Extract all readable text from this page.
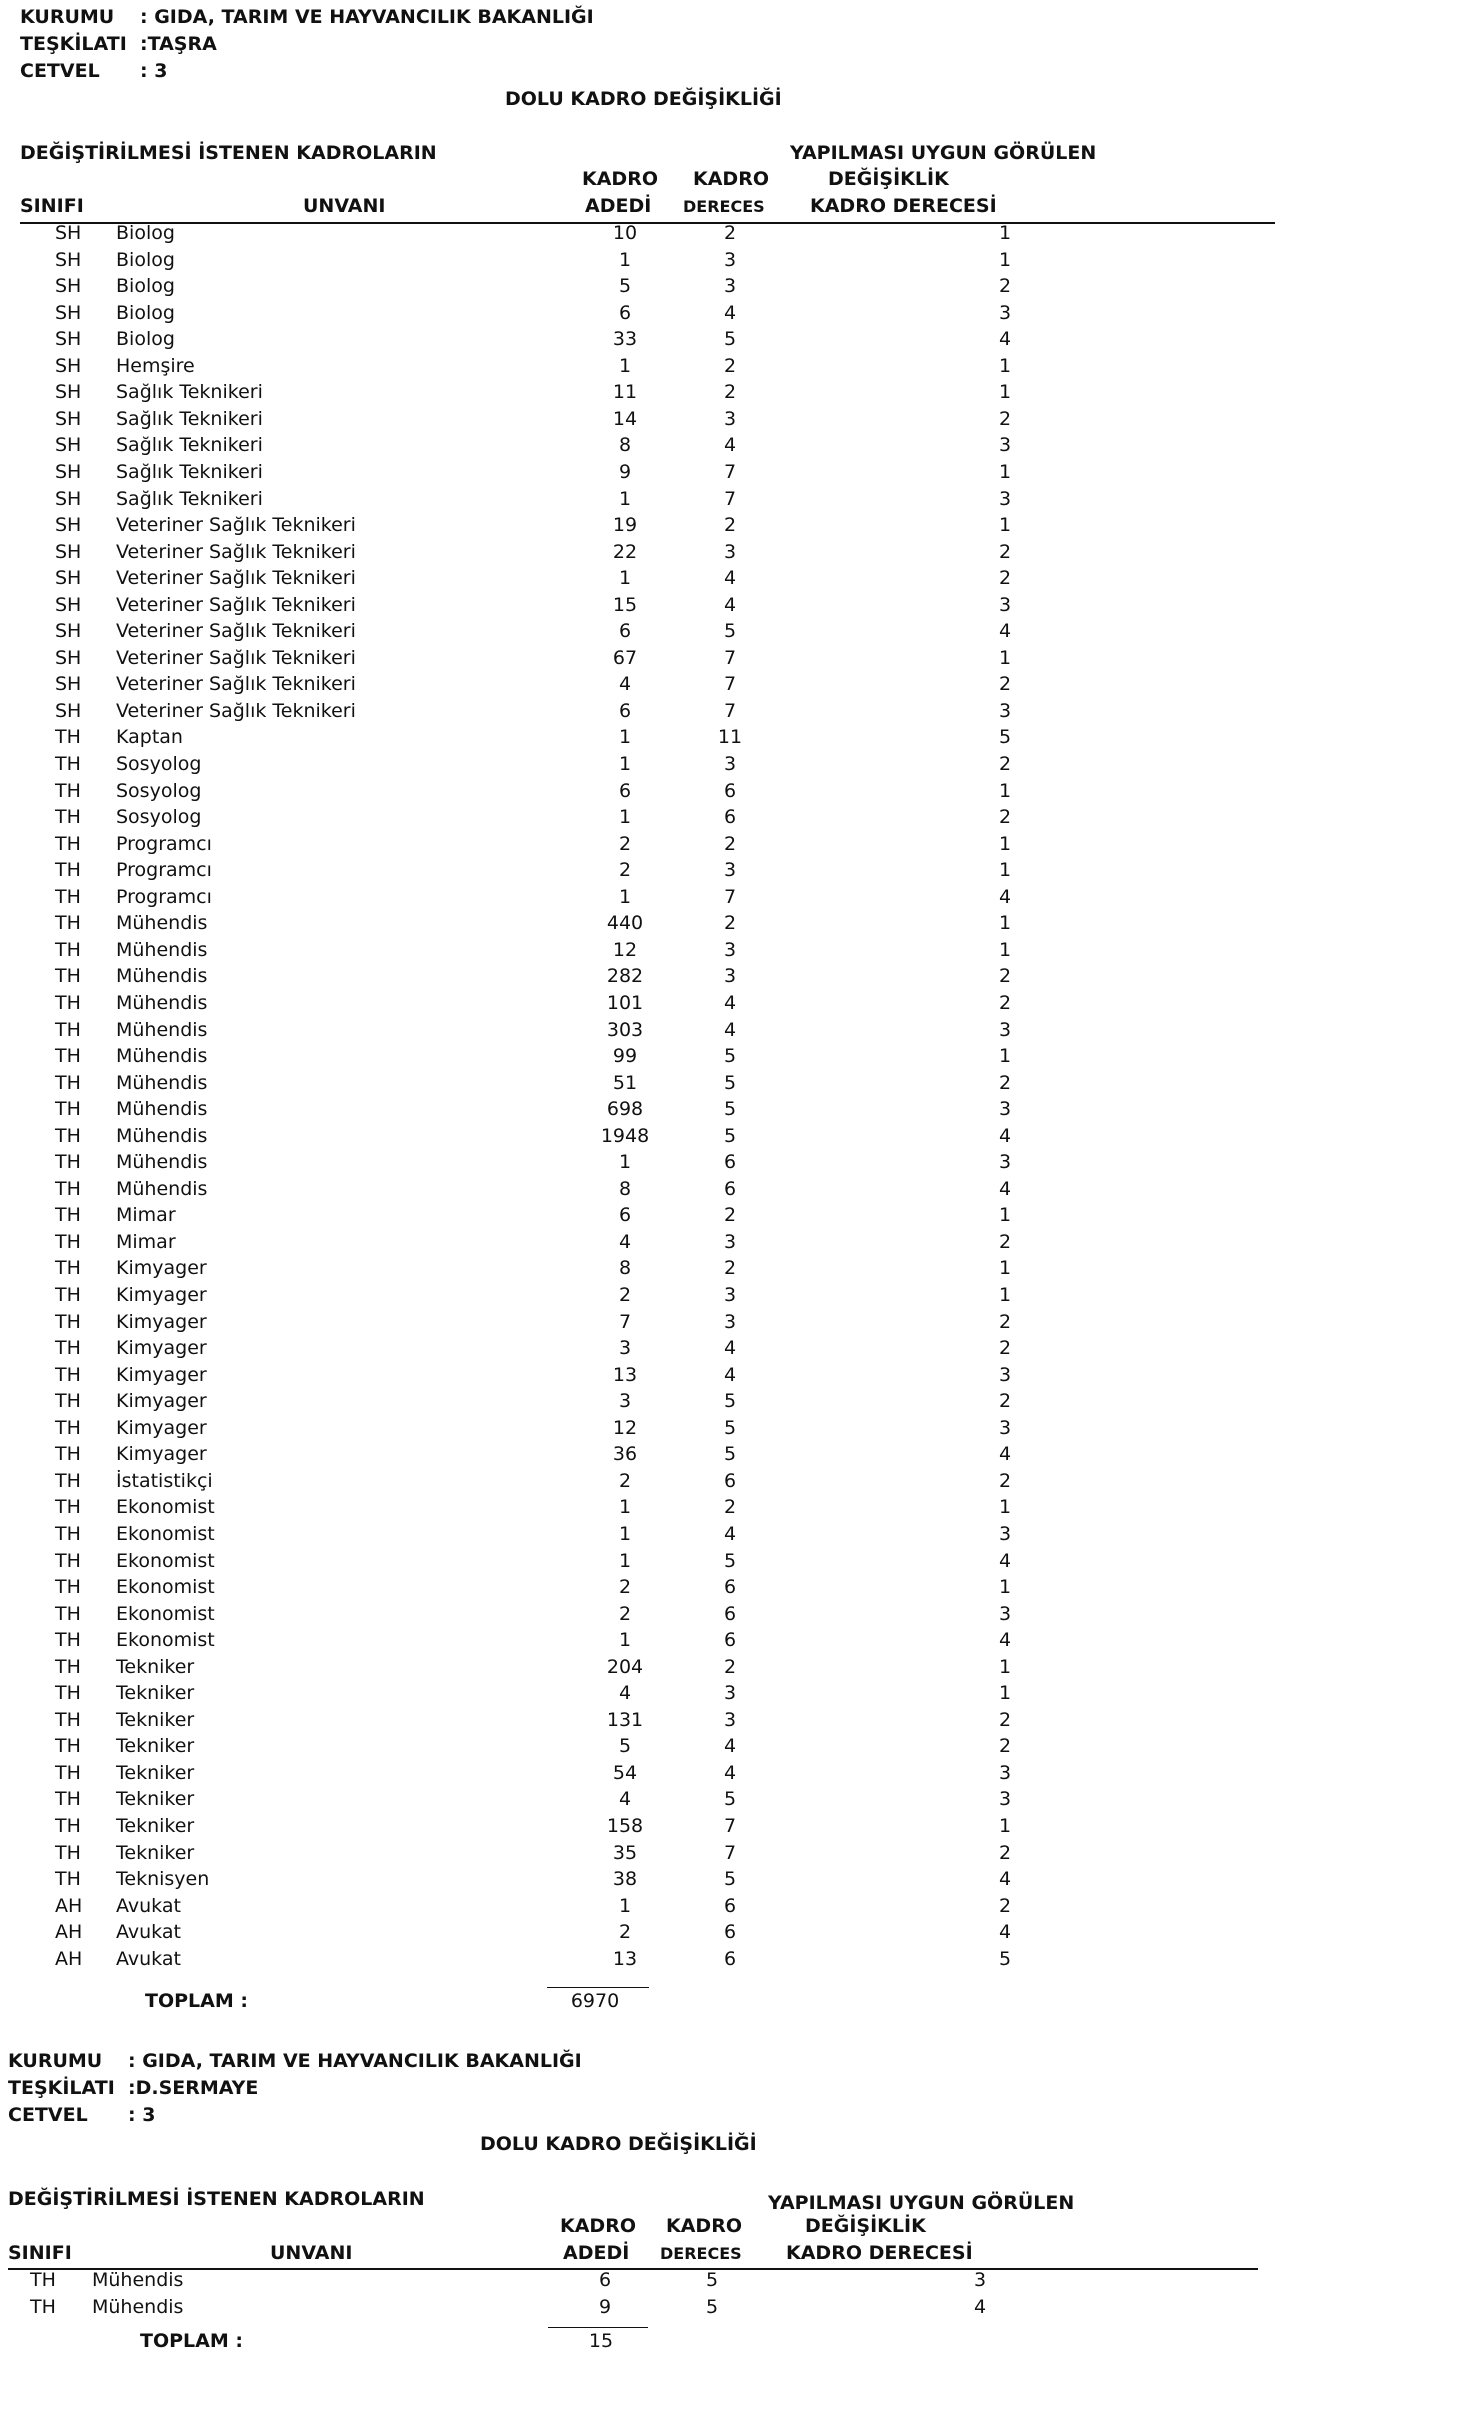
KURUMU : GIDA, TARIM VE HAYVANCILIK BAKANLIĞI
TEŞKİLATI :TAŞRA
CETVEL : 3
DOLU KADRO DEĞİŞİKLİĞİ
DEĞİŞTİRİLMESİ İSTENEN KADROLARIN	YAPILMASI UYGUN GÖRÜLEN
KADRO KADRO	DEĞİŞİKLİK
SINIFI	UNVANI	ADEDİ DERECES KADRO DERECESİ
SH Biolog	10	2	1
SH Biolog	1	3	1
SH Biolog	5	3	2
SH Biolog	6	4	3
SH Biolog	33	5	4
SH Hemşire	1	2	1
SH Sağlık Teknikeri	11	2	1
SH Sağlık Teknikeri	14	3	2
SH Sağlık Teknikeri	8	4	3
SH Sağlık Teknikeri	9	7	1
SH Sağlık Teknikeri	1	7	3
SH Veteriner Sağlık Teknikeri	19	2	1
SH Veteriner Sağlık Teknikeri	22	3	2
SH Veteriner Sağlık Teknikeri	1	4	2
SH Veteriner Sağlık Teknikeri	15	4	3
SH Veteriner Sağlık Teknikeri	6	5	4
SH Veteriner Sağlık Teknikeri	67	7	1
SH Veteriner Sağlık Teknikeri	4	7	2
SH Veteriner Sağlık Teknikeri	6	7	3
TH Kaptan	1	11	5
TH Sosyolog	1	3	2
TH Sosyolog	6	6	1
TH Sosyolog	1	6	2
TH Programcı	2	2	1
TH Programcı	2	3	1
TH Programcı	1	7	4
TH Mühendis	440	2	1
TH Mühendis	12	3	1
TH Mühendis	282	3	2
TH Mühendis	101	4	2
TH Mühendis	303	4	3
TH Mühendis	99	5	1
TH Mühendis	51	5	2
TH Mühendis	698	5	3
TH Mühendis	1948	5	4
TH Mühendis	1	6	3
TH Mühendis	8	6	4
TH Mimar	6	2	1
TH Mimar	4	3	2
TH Kimyager	8	2	1
TH Kimyager	2	3	1
TH Kimyager	7	3	2
TH Kimyager	3	4	2
TH Kimyager	13	4	3
TH Kimyager	3	5	2
TH Kimyager	12	5	3
TH Kimyager	36	5	4
TH İstatistikçi	2	6	2
TH Ekonomist	1	2	1
TH Ekonomist	1	4	3
TH Ekonomist	1	5	4
TH Ekonomist	2	6	1
TH Ekonomist	2	6	3
TH Ekonomist	1	6	4
TH Tekniker	204	2	1
TH Tekniker	4	3	1
TH Tekniker	131	3	2
TH Tekniker	5	4	2
TH Tekniker	54	4	3
TH Tekniker	4	5	3
TH Tekniker	158	7	1
TH Tekniker	35	7	2
TH Teknisyen	38	5	4
AH Avukat	1	6	2
AH Avukat	2	6	4
AH Avukat	13	6	5
TOPLAM :	6970
KURUMU : GIDA, TARIM VE HAYVANCILIK BAKANLIĞI
TEŞKİLATI :D.SERMAYE
CETVEL : 3
DOLU KADRO DEĞİŞİKLİĞİ
DEĞİŞTİRİLMESİ İSTENEN KADROLARIN	YAPILMASI UYGUN GÖRÜLEN
KADRO KADRO	DEĞİŞİKLİK
SINIFI	UNVANI	ADEDİ DERECES KADRO DERECESİ
TH Mühendis	6	5	3
TH Mühendis	9	5	4
TOPLAM :	15
